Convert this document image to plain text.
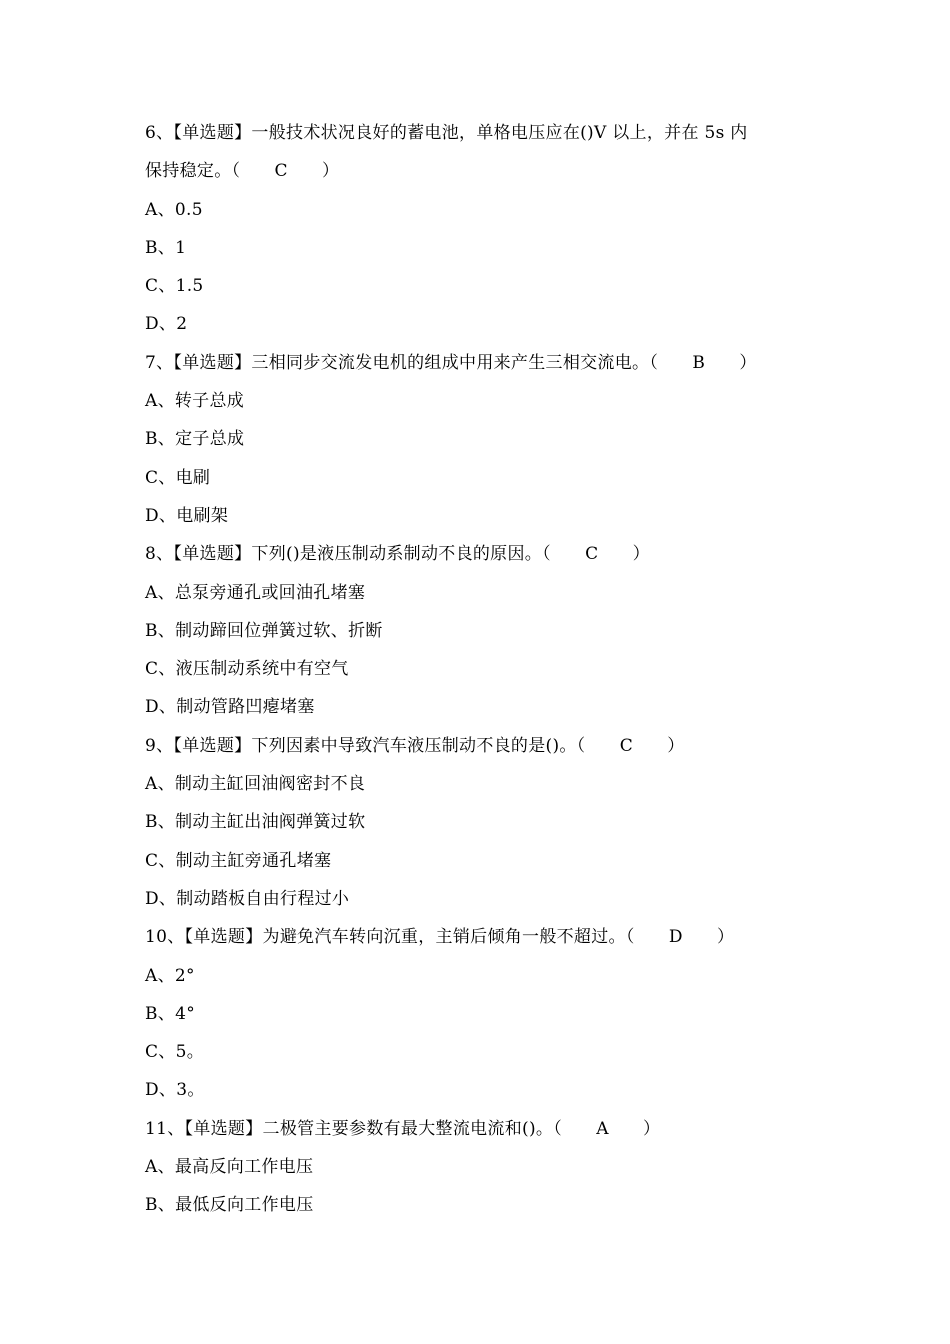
6、【单选题】一般技术状况良好的蓄电池，单格电压应在()V 以上，并在 5s 内
保持稳定。（      C      ）
A、0.5
B、1
C、1.5
D、2
7、【单选题】三相同步交流发电机的组成中用来产生三相交流电。（      B      ）
A、转子总成
B、定子总成
C、电刷
D、电刷架
8、【单选题】下列()是液压制动系制动不良的原因。（      C      ）
A、总泵旁通孔或回油孔堵塞
B、制动蹄回位弹簧过软、折断
C、液压制动系统中有空气
D、制动管路凹瘪堵塞
9、【单选题】下列因素中导致汽车液压制动不良的是()。（      C      ）
A、制动主缸回油阀密封不良
B、制动主缸出油阀弹簧过软
C、制动主缸旁通孔堵塞
D、制动踏板自由行程过小
10、【单选题】为避免汽车转向沉重，主销后倾角一般不超过。（      D      ）
A、2°
B、4°
C、5。
D、3。
11、【单选题】二极管主要参数有最大整流电流和()。（      A      ）
A、最高反向工作电压
B、最低反向工作电压
